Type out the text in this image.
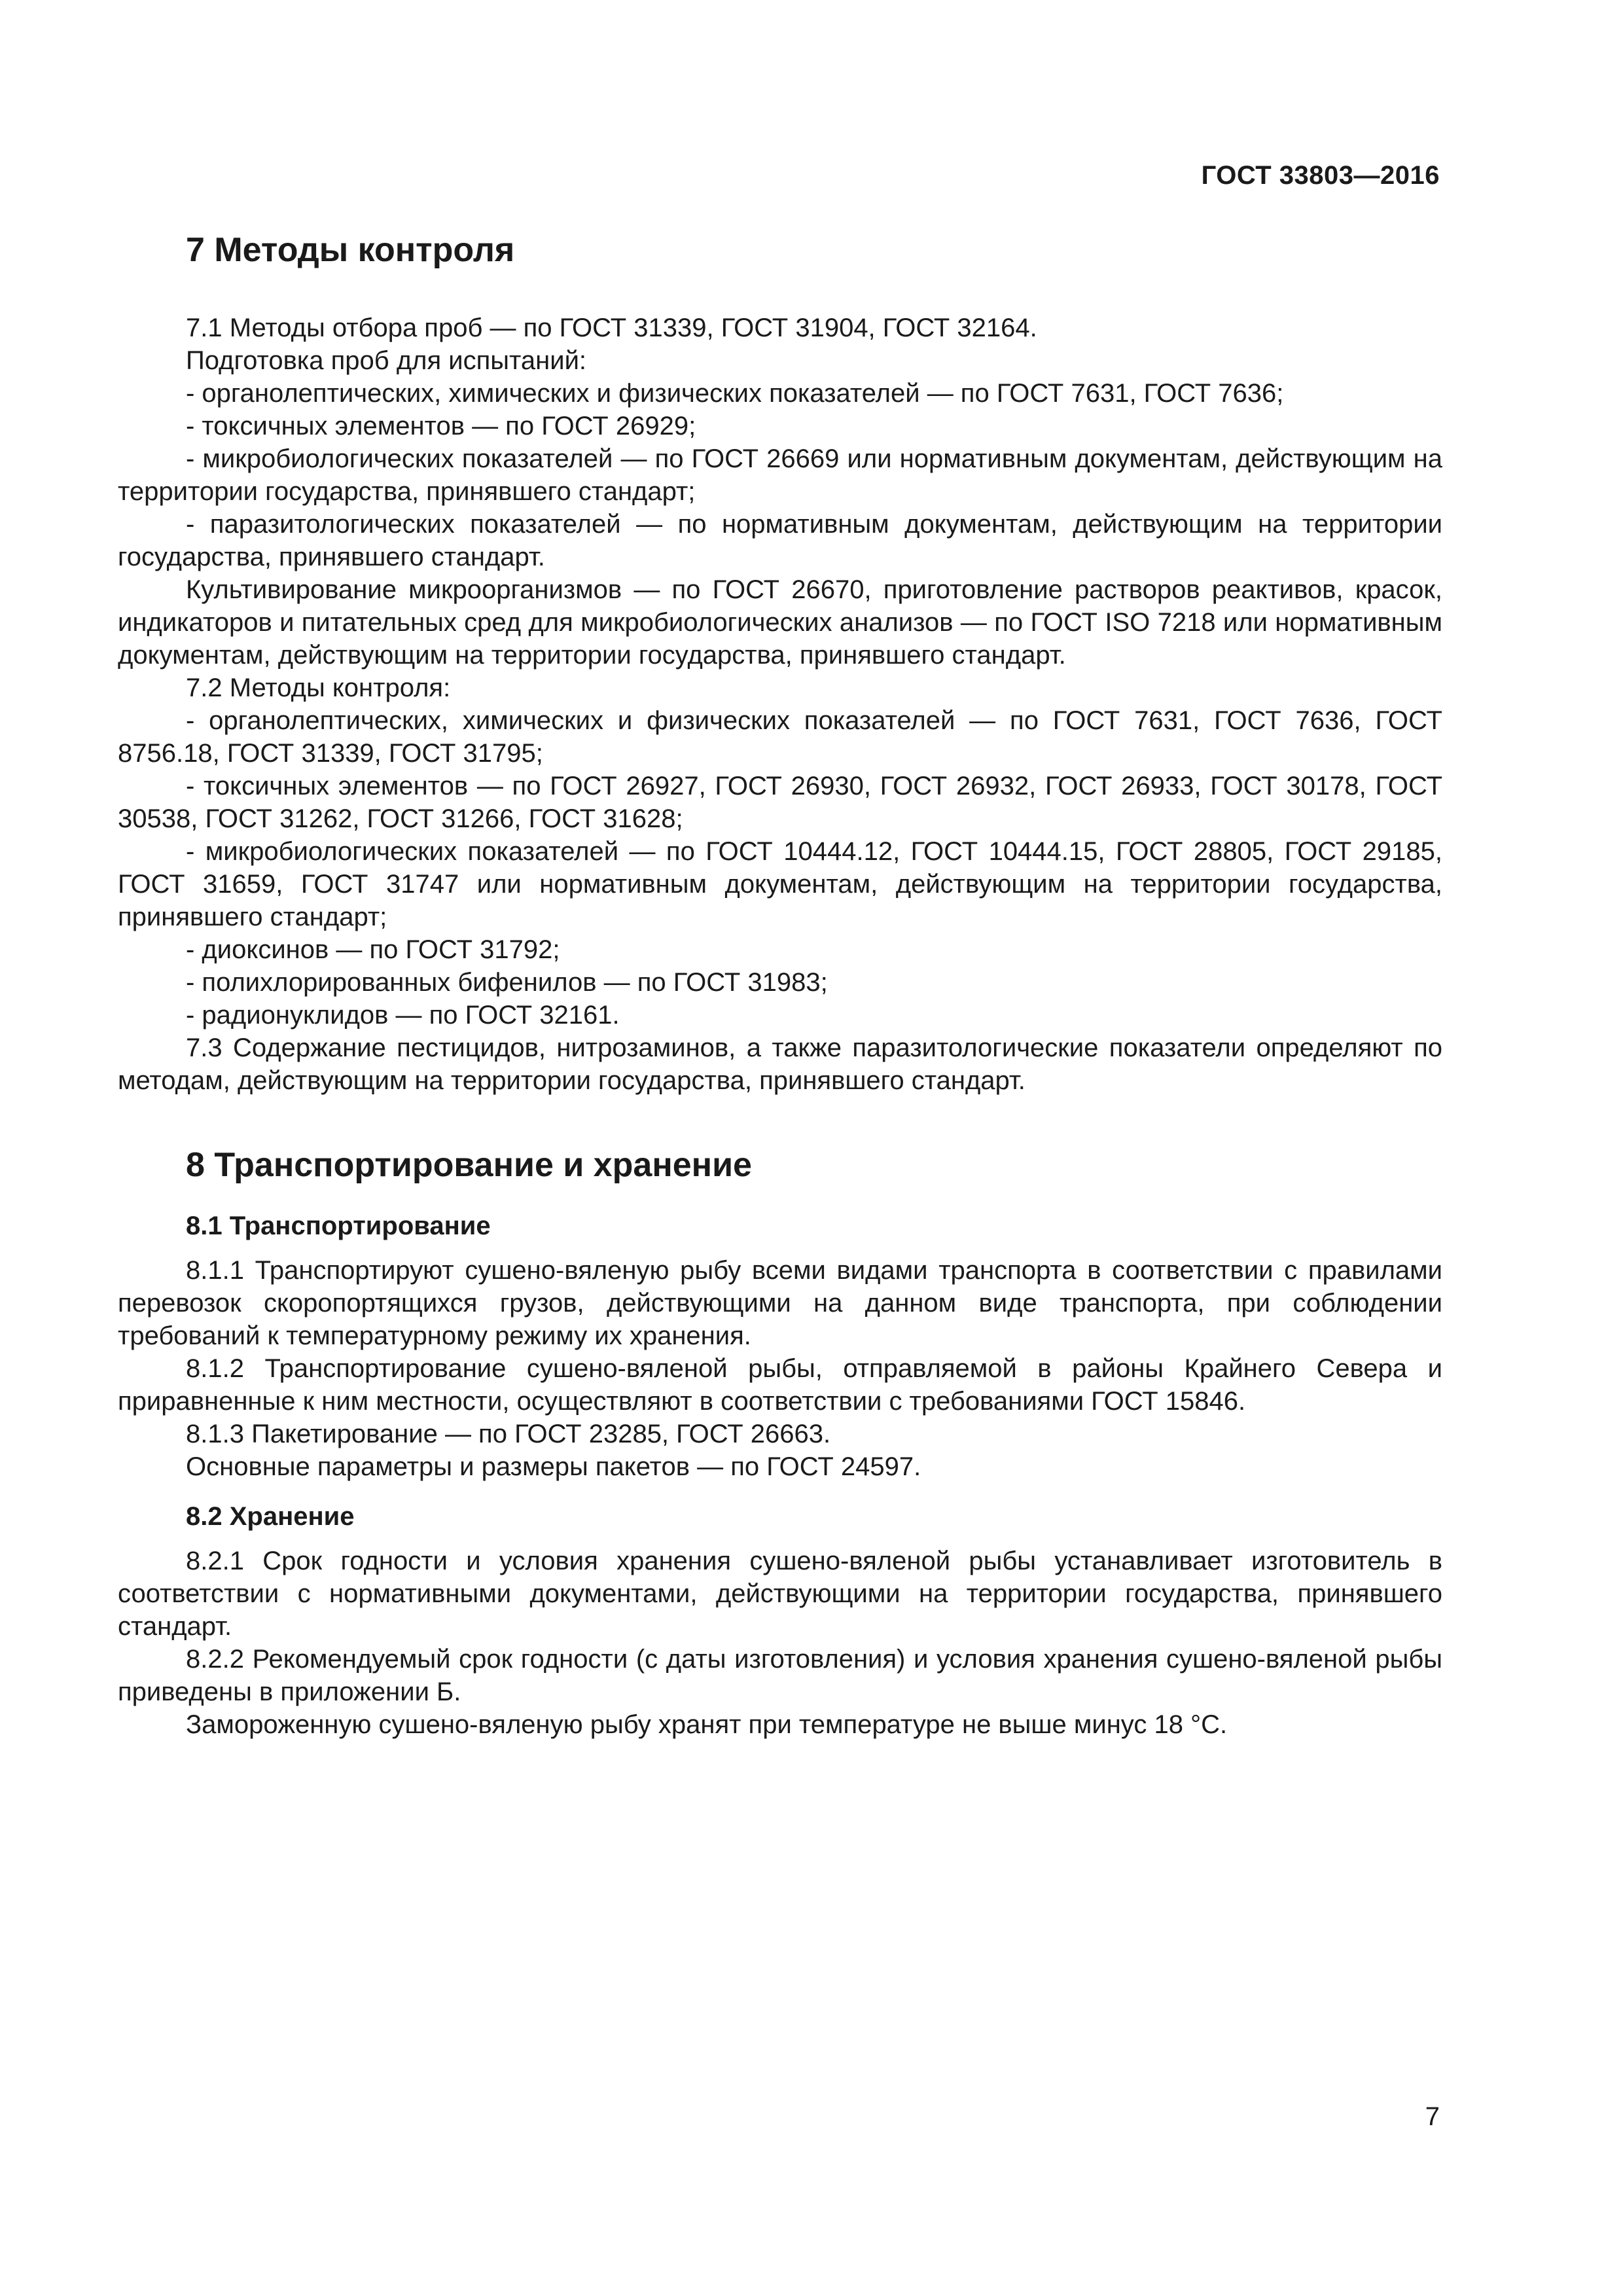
ГОСТ 33803—2016
7 Методы контроля

7.1 Методы отбора проб — по ГОСТ 31339, ГОСТ 31904, ГОСТ 32164.

Подготовка проб для испытаний:

- органолептических, химических и физических показателей — по ГОСТ 7631, ГОСТ 7636;

- токсичных элементов — по ГОСТ 26929;

- микробиологических показателей — по ГОСТ 26669 или нормативным документам, действующим на территории государства, принявшего стандарт;

- паразитологических показателей — по нормативным документам, действующим на территории государства, принявшего стандарт.

Культивирование микроорганизмов — по ГОСТ 26670, приготовление растворов реактивов, красок, индикаторов и питательных сред для микробиологических анализов — по ГОСТ ISO 7218 или нормативным документам, действующим на территории государства, принявшего стандарт.

7.2 Методы контроля:

- органолептических, химических и физических показателей — по ГОСТ 7631, ГОСТ 7636, ГОСТ 8756.18, ГОСТ 31339, ГОСТ 31795;

- токсичных элементов — по ГОСТ 26927, ГОСТ 26930, ГОСТ 26932, ГОСТ 26933, ГОСТ 30178, ГОСТ 30538, ГОСТ 31262, ГОСТ 31266, ГОСТ 31628;

- микробиологических показателей — по ГОСТ 10444.12, ГОСТ 10444.15, ГОСТ 28805, ГОСТ 29185, ГОСТ 31659, ГОСТ 31747 или нормативным документам, действующим на территории государства, принявшего стандарт;

- диоксинов — по ГОСТ 31792;

- полихлорированных бифенилов — по ГОСТ 31983;

- радионуклидов — по ГОСТ 32161.

7.3 Содержание пестицидов, нитрозаминов, а также паразитологические показатели определяют по методам, действующим на территории государства, принявшего стандарт.

8 Транспортирование и хранение
8.1 Транспортирование

8.1.1 Транспортируют сушено-вяленую рыбу всеми видами транспорта в соответствии с правилами перевозок скоропортящихся грузов, действующими на данном виде транспорта, при соблюдении требований к температурному режиму их хранения.

8.1.2 Транспортирование сушено-вяленой рыбы, отправляемой в районы Крайнего Севера и приравненные к ним местности, осуществляют в соответствии с требованиями ГОСТ 15846.

8.1.3 Пакетирование — по ГОСТ 23285, ГОСТ 26663.

Основные параметры и размеры пакетов — по ГОСТ 24597.

8.2 Хранение

8.2.1 Срок годности и условия хранения сушено-вяленой рыбы устанавливает изготовитель в соответствии с нормативными документами, действующими на территории государства, принявшего стандарт.

8.2.2 Рекомендуемый срок годности (с даты изготовления) и условия хранения сушено-вяленой рыбы приведены в приложении Б.

Замороженную сушено-вяленую рыбу хранят при температуре не выше минус 18 °С.

7
